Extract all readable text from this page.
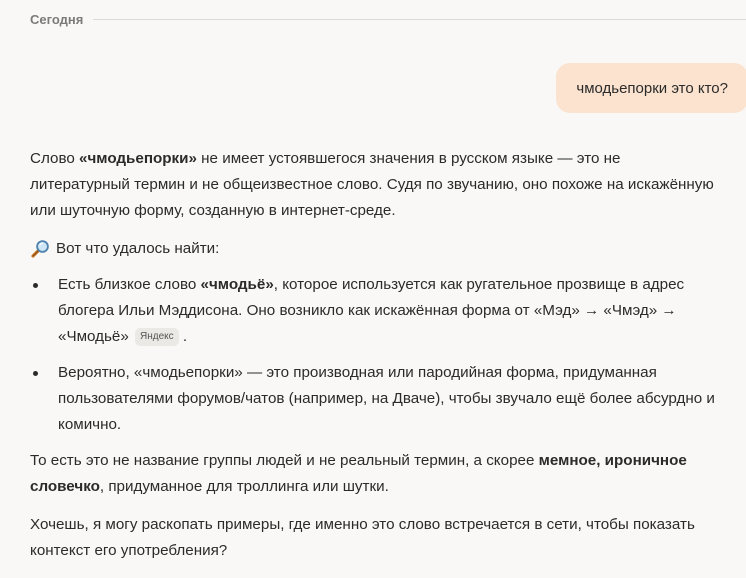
Сегодня
чмодьепорки это кто?

Слово «чмодьепорки» не имеет устоявшегося значения в русском языке — это не
литературный термин и не общеизвестное слово. Судя по звучанию, оно похоже на искажённую
или шуточную форму, созданную в интернет-среде.

Вот что удалось найти:

Есть близкое слово «чмодьё», которое используется как ругательное прозвище в адрес блогера Ильи Мэддисона. Оно возникло как искажённая форма от «Мэд» → «Чмэд» → «Чмодьё» Яндекс .
Вероятно, «чмодьепорки» — это производная или пародийная форма, придуманная пользователями форумов/чатов (например, на Дваче), чтобы звучало ещё более абсурдно и комично.

То есть это не название группы людей и не реальный термин, а скорее мемное, ироничное словечко, придуманное для троллинга или шутки.

Хочешь, я могу раскопать примеры, где именно это слово встречается в сети, чтобы показать контекст его употребления?
